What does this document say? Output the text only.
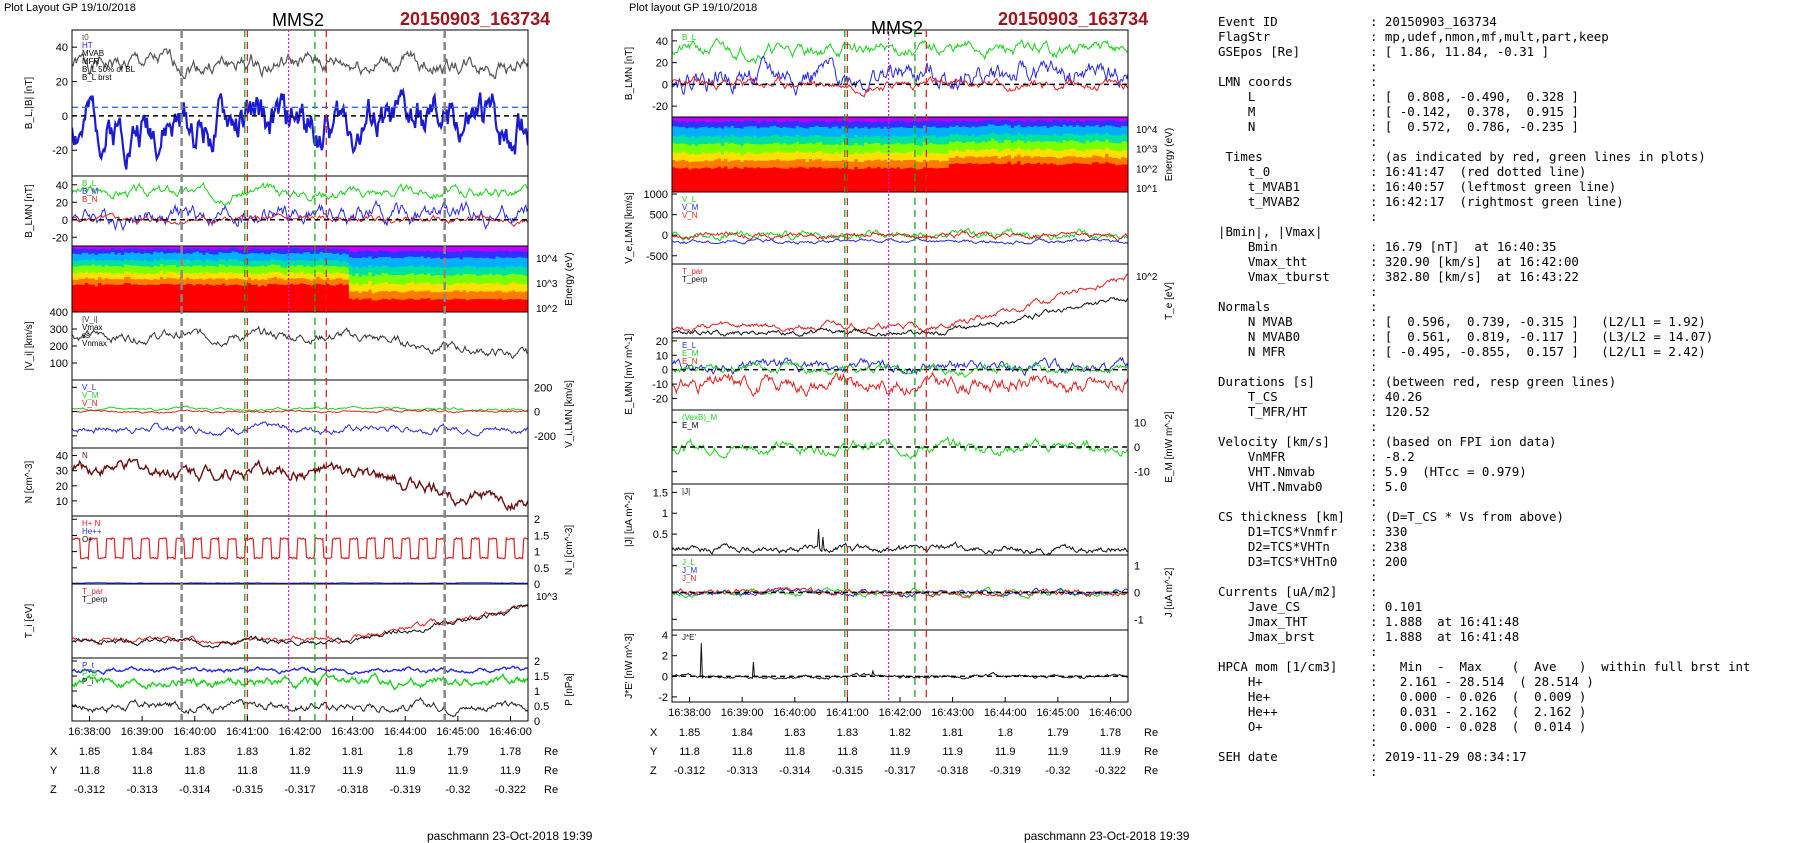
Plot Layout GP 19/10/2018
MMS2	20150903_163734
Plot layout GP 19/10/2018
MMS2	20150903_163734
-20
0
20
40
t0
HT
MVAB
MFR
B_L 50% of BL
B_L brst
B_L,|B| [nT]
-20
0
20
40 B_L
B_M
B_N
B_LMN [nT]
10^4
10^3
10^2
Energy (eV)
100
200
300
400
|V_i|
Vmax
ss
Vnmax
|V_i| [km/s]
-200
0
200
V_L
V_M
V_N	V_i,LMN [km/s]
10
20
30
40 N
N [cm^-3]
0
0.5
1
1.5
2
H+ N
He++
O+	N_i [cm^-3]
10^3
T_par
T_perp
T_i [eV]
0
0.5
1
1.5
2
P_t
P_B
P_i	P [nPa]
16:38:00 16:39:00 16:40:00 16:41:00 16:42:00 16:43:00 16:44:00 16:45:00 16:46:00
X 1.85	1.84	1.83	1.83	1.82	1.81	1.8	1.79	1.78 Re
Y 11.8	11.8	11.8	11.8	11.9	11.9	11.9	11.9	11.9 Re
Z -0.312 -0.313 -0.314 -0.315 -0.317 -0.318 -0.319 -0.32 -0.322 Re
-20
0
20
40 B_L
B_LMN [nT]
10^4
10^3
10^2
10^1
Energy (eV)
-500
0
500
1000 V_L
V_M
V_N
V_e,LMN [km/s]
10^2
T_par
T_perp
T_e [eV]
-20
-10
0
10
20 E_L
E_M
E_N
E_LMN [mV m^-1]
-10
0
10
(VexB)_M
E_M	E_M [mW m^-2]
0.5
1
1.5 |J|
|J| [uA m^-2]
-1
0
1
J_L
J_M
J_N	J [uA m^-2]
-2
0
2
4 J*E'
J*E' [nW m^-3]
16:38:00 16:39:00 16:40:00 16:41:00 16:42:00 16:43:00 16:44:00 16:45:00 16:46:00
X 1.85	1.84	1.83	1.83	1.82	1.81	1.8	1.79	1.78 Re
Y 11.8	11.8	11.8	11.8	11.9	11.9	11.9	11.9	11.9 Re
Z -0.312 -0.313 -0.314 -0.315 -0.317 -0.318 -0.319 -0.32 -0.322 Re
paschmann 23-Oct-2018 19:39	paschmann 23-Oct-2018 19:39
Event ID	: 20150903_163734
FlagStr	: mp,udef,nmon,mf,mult,part,keep
GSEpos [Re]	: [ 1.86, 11.84, -0.31 ]
:
LMN coords	:
L	: [  0.808, -0.490,  0.328 ]
M	: [ -0.142,  0.378,  0.915 ]
N	: [  0.572,  0.786, -0.235 ]
:
Times	: (as indicated by red, green lines in plots)
t_0	: 16:41:47  (red dotted line)
t_MVAB1	: 16:40:57  (leftmost green line)
t_MVAB2	: 16:42:17  (rightmost green line)
:
|Bmin|, |Vmax|
Bmin	: 16.79 [nT]  at 16:40:35
Vmax_tht	: 320.90 [km/s]  at 16:42:00
Vmax_tburst	: 382.80 [km/s]  at 16:43:22
:
Normals	:
N MVAB	: [  0.596,  0.739, -0.315 ]   (L2/L1 = 1.92)
N MVAB0	: [  0.561,  0.819, -0.117 ]   (L3/L2 = 14.07)
N MFR	: [ -0.495, -0.855,  0.157 ]   (L2/L1 = 2.42)
:
Durations [s]	: (between red, resp green lines)
T_CS	: 40.26
T_MFR/HT	: 120.52
:
Velocity [km/s]	: (based on FPI ion data)
VnMFR	: -8.2
VHT.Nmvab	: 5.9  (HTcc = 0.979)
VHT.Nmvab0	: 5.0
:
CS thickness [km] : (D=T_CS * Vs from above)
D1=TCS*Vnmfr	: 330
D2=TCS*VHTn	: 238
D3=TCS*VHTn0	: 200
:
Currents [uA/m2]	:
Jave_CS	: 0.101
Jmax_THT	: 1.888  at 16:41:48
Jmax_brst	: 1.888  at 16:41:48
:
HPCA mom [1/cm3]	:   Min  -  Max    (  Ave   )  within full brst int
H+	:   2.161 - 28.514  ( 28.514 )
He+	:   0.000 - 0.026  (  0.009 )
He++	:   0.031 - 2.162  (  2.162 )
O+	:   0.000 - 0.028  (  0.014 )
:
SEH date	: 2019-11-29 08:34:17
:
